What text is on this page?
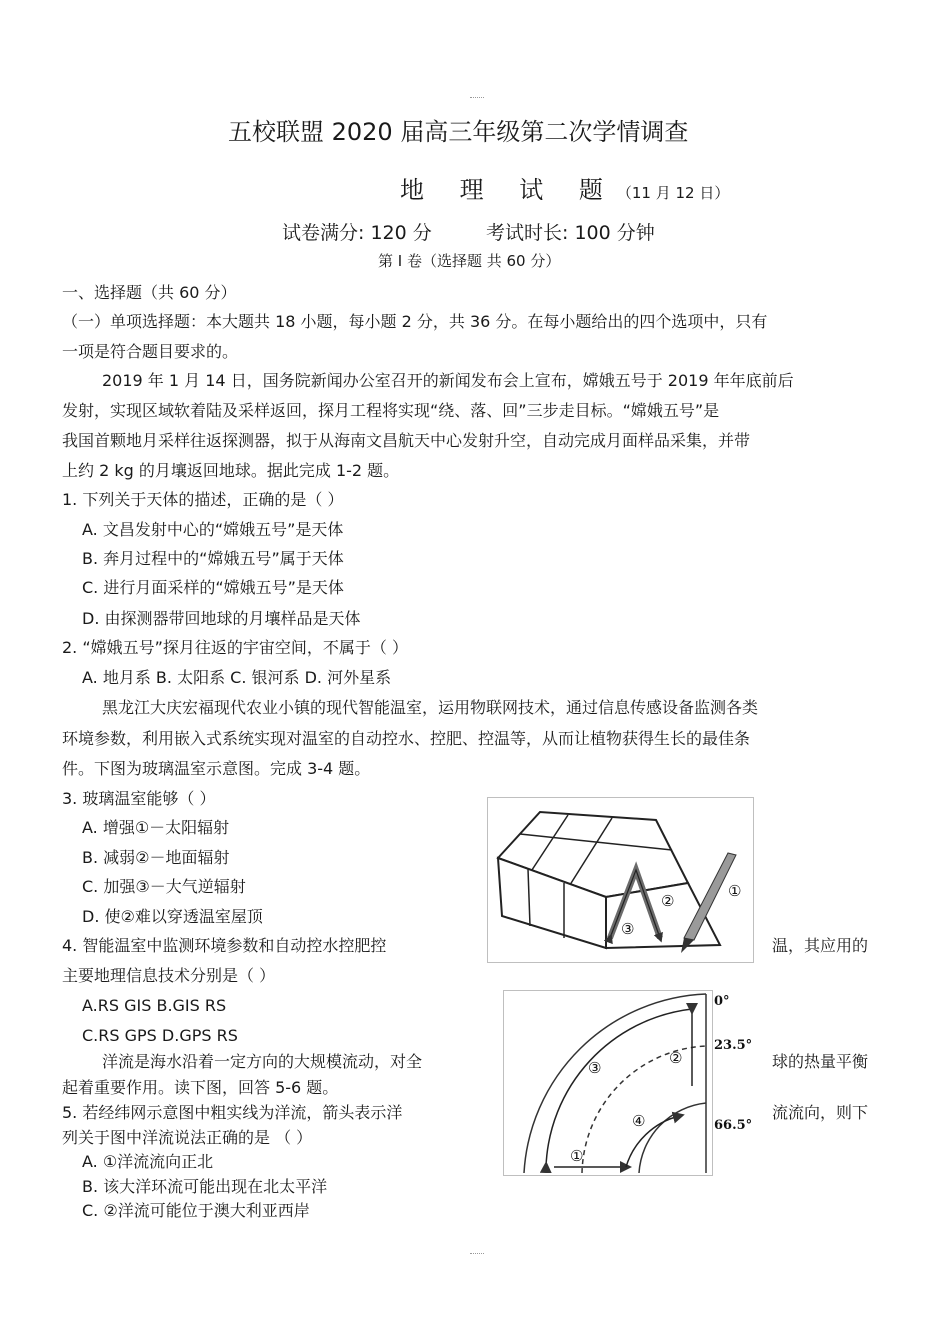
五校联盟 2020 届高三年级第二次学情调查
地 理 试 题（11 月 12 日）
试卷满分: 120 分	考试时长: 100 分钟
第 I 卷（选择题 共 60 分）
一、选择题（共 60 分）
（一）单项选择题：本大题共 18 小题，每小题 2 分，共 36 分。在每小题给出的四个选项中，只有
一项是符合题目要求的。
2019 年 1 月 14 日，国务院新闻办公室召开的新闻发布会上宣布，嫦娥五号于 2019 年年底前后
发射，实现区域软着陆及采样返回，探月工程将实现“绕、落、回”三步走目标。“嫦娥五号”是
我国首颗地月采样往返探测器，拟于从海南文昌航天中心发射升空，自动完成月面样品采集，并带
上约 2 kg 的月壤返回地球。据此完成 1-2 题。
1. 下列关于天体的描述，正确的是（ ）
A. 文昌发射中心的“嫦娥五号”是天体
B. 奔月过程中的“嫦娥五号”属于天体
C. 进行月面采样的“嫦娥五号”是天体
D. 由探测器带回地球的月壤样品是天体
2. “嫦娥五号”探月往返的宇宙空间，不属于（ ）
A. 地月系 B. 太阳系 C. 银河系 D. 河外星系
黑龙江大庆宏福现代农业小镇的现代智能温室，运用物联网技术，通过信息传感设备监测各类
环境参数，利用嵌入式系统实现对温室的自动控水、控肥、控温等，从而让植物获得生长的最佳条
件。下图为玻璃温室示意图。完成 3-4 题。
3. 玻璃温室能够（ ）
A. 增强①－太阳辐射
B. 减弱②－地面辐射
C. 加强③－大气逆辐射
D. 使②难以穿透温室屋顶
4. 智能温室中监测环境参数和自动控水控肥控	温，其应用的
主要地理信息技术分别是（ ）
A.RS GIS B.GIS RS
C.RS GPS D.GPS RS
洋流是海水沿着一定方向的大规模流动，对全	球的热量平衡
起着重要作用。读下图，回答 5-6 题。
5. 若经纬网示意图中粗实线为洋流，箭头表示洋	流流向，则下
列关于图中洋流说法正确的是 （ ）
A. ①洋流流向正北
B. 该大洋环流可能出现在北太平洋
C. ②洋流可能位于澳大利亚西岸
①
②
③
0°
23.5°
66.5°
①
②
③
④
